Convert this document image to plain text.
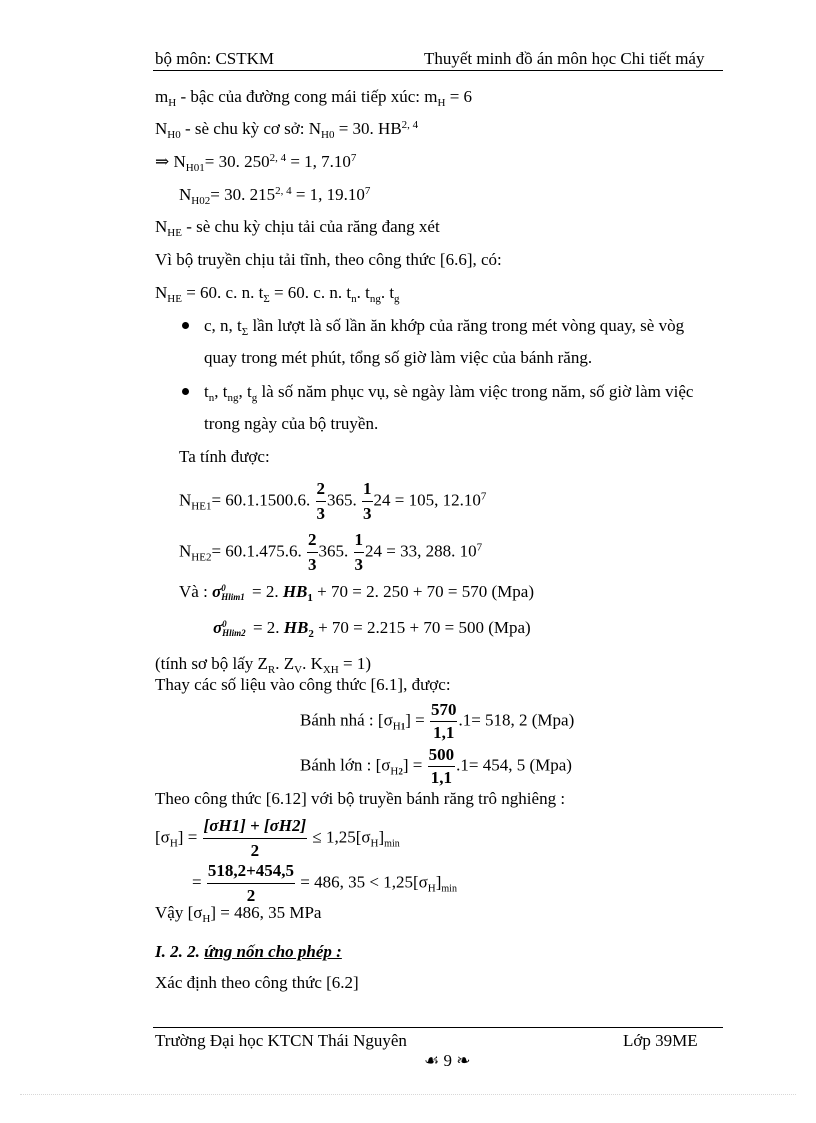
bộ môn: CSTKM	Thuyết minh đồ án môn học Chi tiết máy
$m_H$ - bậc của đường cong mái tiếp xúc: $m_H = 6$
$N_{H0}$ - sè chu kỳ cơ sở: $N_{H0} = 30$. HB$^{2, 4}$
⇒ $N_{H01}= 30$. $250^{2, 4} = 1$, 7.10$^7$
$N_{H02}= 30$. $215^{2, 4} = 1$, 19.10$^7$
$N_{HE}$ - sè chu kỳ chịu tải của răng đang xét
Vì bộ truyền chịu tải tĩnh, theo công thức [6.6], có:
$N_{HE} = 60$. c. n. $t_\Sigma = 60$. c. n. $t_n$. $t_{ng}$. $t_g$
c, n, $t_\Sigma$ lần lượt là số lần ăn khớp của răng trong mét vòng quay, sè vòg
quay trong mét phút, tổng số giờ làm việc của bánh răng.
$t_n$, $t_{ng}$, $t_g$ là số năm phục vụ, sè ngày làm việc trong năm, số giờ làm việc
trong ngày của bộ truyền.
Ta tính được:
$N_{HE1}= 60.1.1500.6$. $\frac{2}{3} 365$. $\frac{1}{3} 24 = 105$, 12.10$^7$
$N_{HE2}= 60.1.475.6$. $\frac{2}{3} 365$. $\frac{1}{3} 24 = 33$, 288. $10^7$
Và : σ 0
Hlim1 = 2. $HB_1 + 70 = 2$. 250 + 70 = 570 (Mpa)
σ 0
Hlim2 = 2. $HB_2 + 70 = 2.215 + 70 = 500$ (Mpa)
(tính sơ bộ lấy $Z_R$. $Z_V$. $K_{XH} = 1$)
Thay các số liệu vào công thức [6.1], được:
Bánh nhá : $[\sigma_{H1}] = \frac{570}{1,1} .1= 518$, 2 (Mpa)
Bánh lớn : $[\sigma_{H2}] = \frac{500}{1,1} .1= 454$, 5 (Mpa)
Theo công thức [6.12] với bộ truyền bánh răng trô nghiêng :
$[\sigma_H] = \frac{[\sigma H1] + [\sigma H2]}{2} \le 1,25[\sigma_H]_{min}$
= $\frac{518,2+454,5}{2} = 486$, $35 < 1,25[\sigma_H]_{min}$
Vậy $[\sigma_H] = 486$, 35 MPa
I. 2. 2. ứng nốn cho phép :
Xác định theo công thức [6.2]
Trường Đại học KTCN Thái Nguyên	Lớp 39ME
☙ 9 ❧
